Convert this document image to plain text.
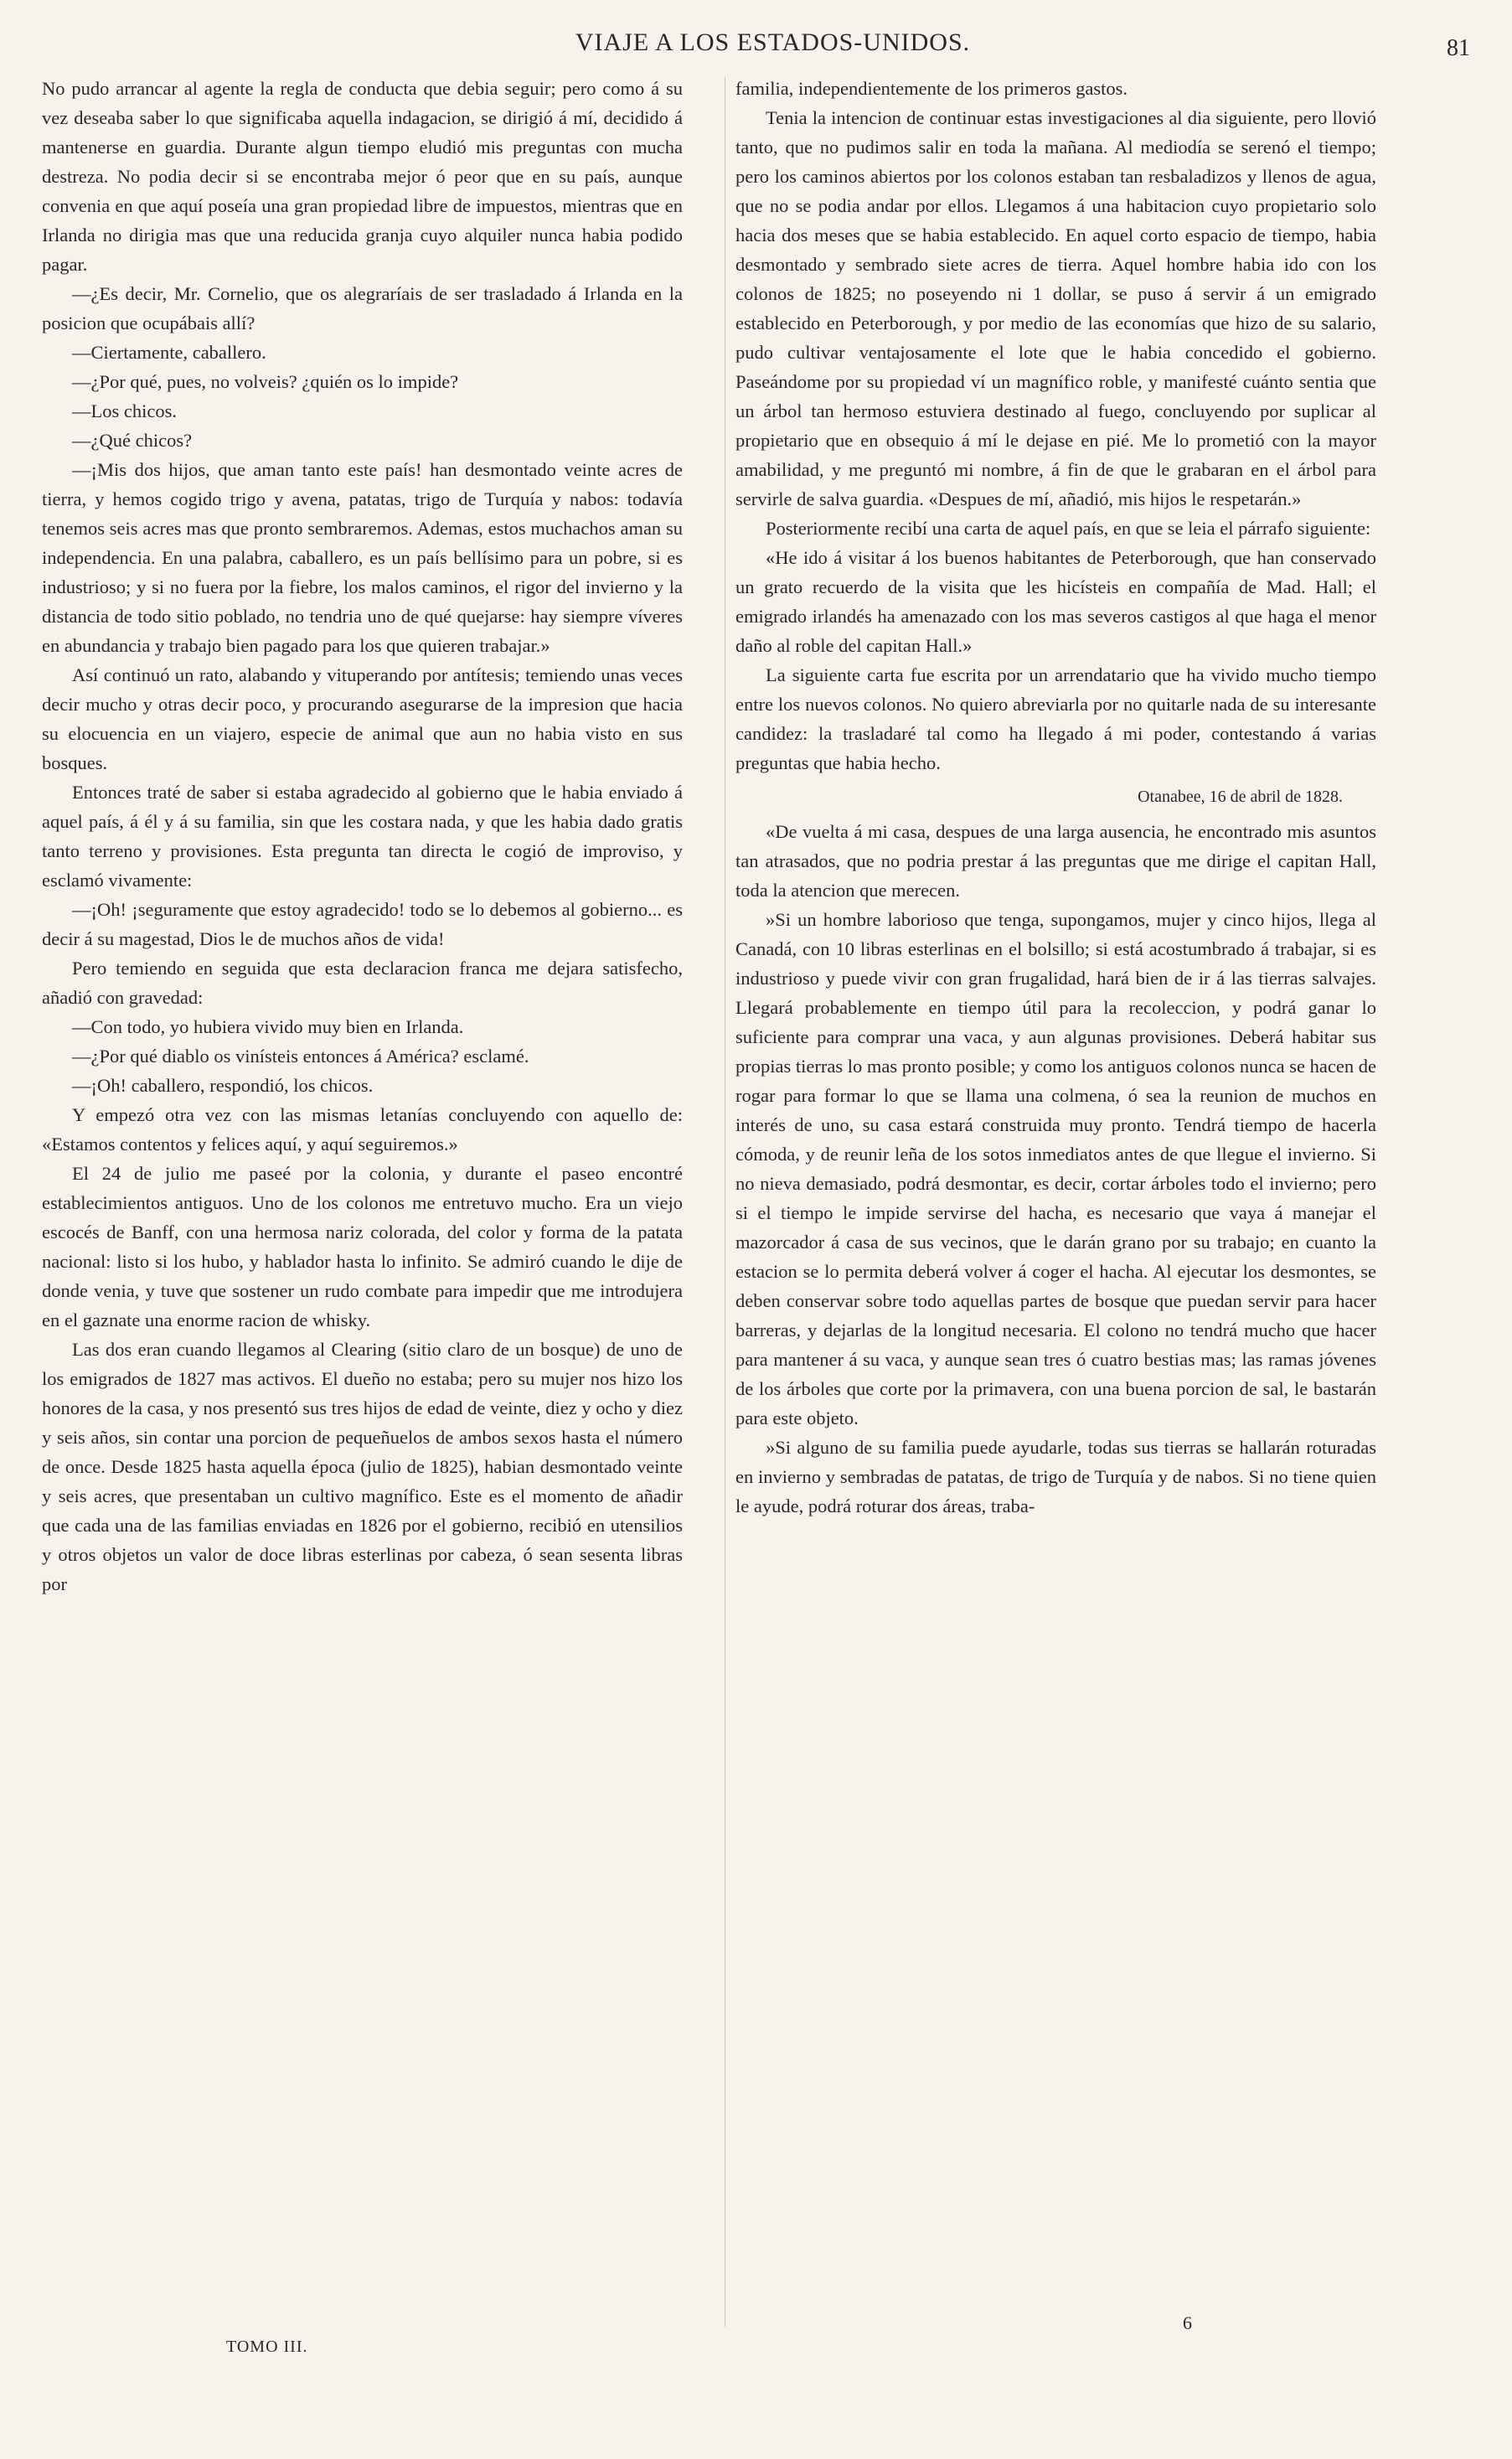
VIAJE A LOS ESTADOS-UNIDOS.	81

No pudo arrancar al agente la regla de conducta que debia seguir; pero como á su vez deseaba saber lo que significaba aquella indagacion, se dirigió á mí, decidido á mantenerse en guardia. Durante algun tiempo eludió mis preguntas con mucha destreza. No podia decir si se encontraba mejor ó peor que en su país, aunque convenia en que aquí poseía una gran propiedad libre de impuestos, mientras que en Irlanda no dirigia mas que una reducida granja cuyo alquiler nunca habia podido pagar.

—¿Es decir, Mr. Cornelio, que os alegraríais de ser trasladado á Irlanda en la posicion que ocupábais allí?

—Ciertamente, caballero.

—¿Por qué, pues, no volveis? ¿quién os lo impide?

—Los chicos.

—¿Qué chicos?

—¡Mis dos hijos, que aman tanto este país! han desmontado veinte acres de tierra, y hemos cogido trigo y avena, patatas, trigo de Turquía y nabos: todavía tenemos seis acres mas que pronto sembraremos. Ademas, estos muchachos aman su independencia. En una palabra, caballero, es un país bellísimo para un pobre, si es industrioso; y si no fuera por la fiebre, los malos caminos, el rigor del invierno y la distancia de todo sitio poblado, no tendria uno de qué quejarse: hay siempre víveres en abundancia y trabajo bien pagado para los que quieren trabajar.»

Así continuó un rato, alabando y vituperando por antítesis; temiendo unas veces decir mucho y otras decir poco, y procurando asegurarse de la impresion que hacia su elocuencia en un viajero, especie de animal que aun no habia visto en sus bosques.

Entonces traté de saber si estaba agradecido al gobierno que le habia enviado á aquel país, á él y á su familia, sin que les costara nada, y que les habia dado gratis tanto terreno y provisiones. Esta pregunta tan directa le cogió de improviso, y esclamó vivamente:

—¡Oh! ¡seguramente que estoy agradecido! todo se lo debemos al gobierno... es decir á su magestad, Dios le de muchos años de vida!

Pero temiendo en seguida que esta declaracion franca me dejara satisfecho, añadió con gravedad:

—Con todo, yo hubiera vivido muy bien en Irlanda.

—¿Por qué diablo os vinísteis entonces á América? esclamé.

—¡Oh! caballero, respondió, los chicos.

Y empezó otra vez con las mismas letanías concluyendo con aquello de: «Estamos contentos y felices aquí, y aquí seguiremos.»

El 24 de julio me paseé por la colonia, y durante el paseo encontré establecimientos antiguos. Uno de los colonos me entretuvo mucho. Era un viejo escocés de Banff, con una hermosa nariz colorada, del color y forma de la patata nacional: listo si los hubo, y hablador hasta lo infinito. Se admiró cuando le dije de donde venia, y tuve que sostener un rudo combate para impedir que me introdujera en el gaznate una enorme racion de whisky.

Las dos eran cuando llegamos al Clearing (sitio claro de un bosque) de uno de los emigrados de 1827 mas activos. El dueño no estaba; pero su mujer nos hizo los honores de la casa, y nos presentó sus tres hijos de edad de veinte, diez y ocho y diez y seis años, sin contar una porcion de pequeñuelos de ambos sexos hasta el número de once. Desde 1825 hasta aquella época (julio de 1825), habian desmontado veinte y seis acres, que presentaban un cultivo magnífico. Este es el momento de añadir que cada una de las familias enviadas en 1826 por el gobierno, recibió en utensilios y otros objetos un valor de doce libras esterlinas por cabeza, ó sean sesenta libras por

familia, independientemente de los primeros gastos.

Tenia la intencion de continuar estas investigaciones al dia siguiente, pero llovió tanto, que no pudimos salir en toda la mañana. Al mediodía se serenó el tiempo; pero los caminos abiertos por los colonos estaban tan resbaladizos y llenos de agua, que no se podia andar por ellos. Llegamos á una habitacion cuyo propietario solo hacia dos meses que se habia establecido. En aquel corto espacio de tiempo, habia desmontado y sembrado siete acres de tierra. Aquel hombre habia ido con los colonos de 1825; no poseyendo ni 1 dollar, se puso á servir á un emigrado establecido en Peterborough, y por medio de las economías que hizo de su salario, pudo cultivar ventajosamente el lote que le habia concedido el gobierno. Paseándome por su propiedad ví un magnífico roble, y manifesté cuánto sentia que un árbol tan hermoso estuviera destinado al fuego, concluyendo por suplicar al propietario que en obsequio á mí le dejase en pié. Me lo prometió con la mayor amabilidad, y me preguntó mi nombre, á fin de que le grabaran en el árbol para servirle de salva guardia. «Despues de mí, añadió, mis hijos le respetarán.»

Posteriormente recibí una carta de aquel país, en que se leia el párrafo siguiente:

«He ido á visitar á los buenos habitantes de Peterborough, que han conservado un grato recuerdo de la visita que les hicísteis en compañía de Mad. Hall; el emigrado irlandés ha amenazado con los mas severos castigos al que haga el menor daño al roble del capitan Hall.»

La siguiente carta fue escrita por un arrendatario que ha vivido mucho tiempo entre los nuevos colonos. No quiero abreviarla por no quitarle nada de su interesante candidez: la trasladaré tal como ha llegado á mi poder, contestando á varias preguntas que habia hecho.

Otanabee, 16 de abril de 1828.

«De vuelta á mi casa, despues de una larga ausencia, he encontrado mis asuntos tan atrasados, que no podria prestar á las preguntas que me dirige el capitan Hall, toda la atencion que merecen.

»Si un hombre laborioso que tenga, supongamos, mujer y cinco hijos, llega al Canadá, con 10 libras esterlinas en el bolsillo; si está acostumbrado á trabajar, si es industrioso y puede vivir con gran frugalidad, hará bien de ir á las tierras salvajes. Llegará probablemente en tiempo útil para la recoleccion, y podrá ganar lo suficiente para comprar una vaca, y aun algunas provisiones. Deberá habitar sus propias tierras lo mas pronto posible; y como los antiguos colonos nunca se hacen de rogar para formar lo que se llama una colmena, ó sea la reunion de muchos en interés de uno, su casa estará construida muy pronto. Tendrá tiempo de hacerla cómoda, y de reunir leña de los sotos inmediatos antes de que llegue el invierno. Si no nieva demasiado, podrá desmontar, es decir, cortar árboles todo el invierno; pero si el tiempo le impide servirse del hacha, es necesario que vaya á manejar el mazorcador á casa de sus vecinos, que le darán grano por su trabajo; en cuanto la estacion se lo permita deberá volver á coger el hacha. Al ejecutar los desmontes, se deben conservar sobre todo aquellas partes de bosque que puedan servir para hacer barreras, y dejarlas de la longitud necesaria. El colono no tendrá mucho que hacer para mantener á su vaca, y aunque sean tres ó cuatro bestias mas; las ramas jóvenes de los árboles que corte por la primavera, con una buena porcion de sal, le bastarán para este objeto.

»Si alguno de su familia puede ayudarle, todas sus tierras se hallarán roturadas en invierno y sembradas de patatas, de trigo de Turquía y de nabos. Si no tiene quien le ayude, podrá roturar dos áreas, traba-

TOMO III.
6
